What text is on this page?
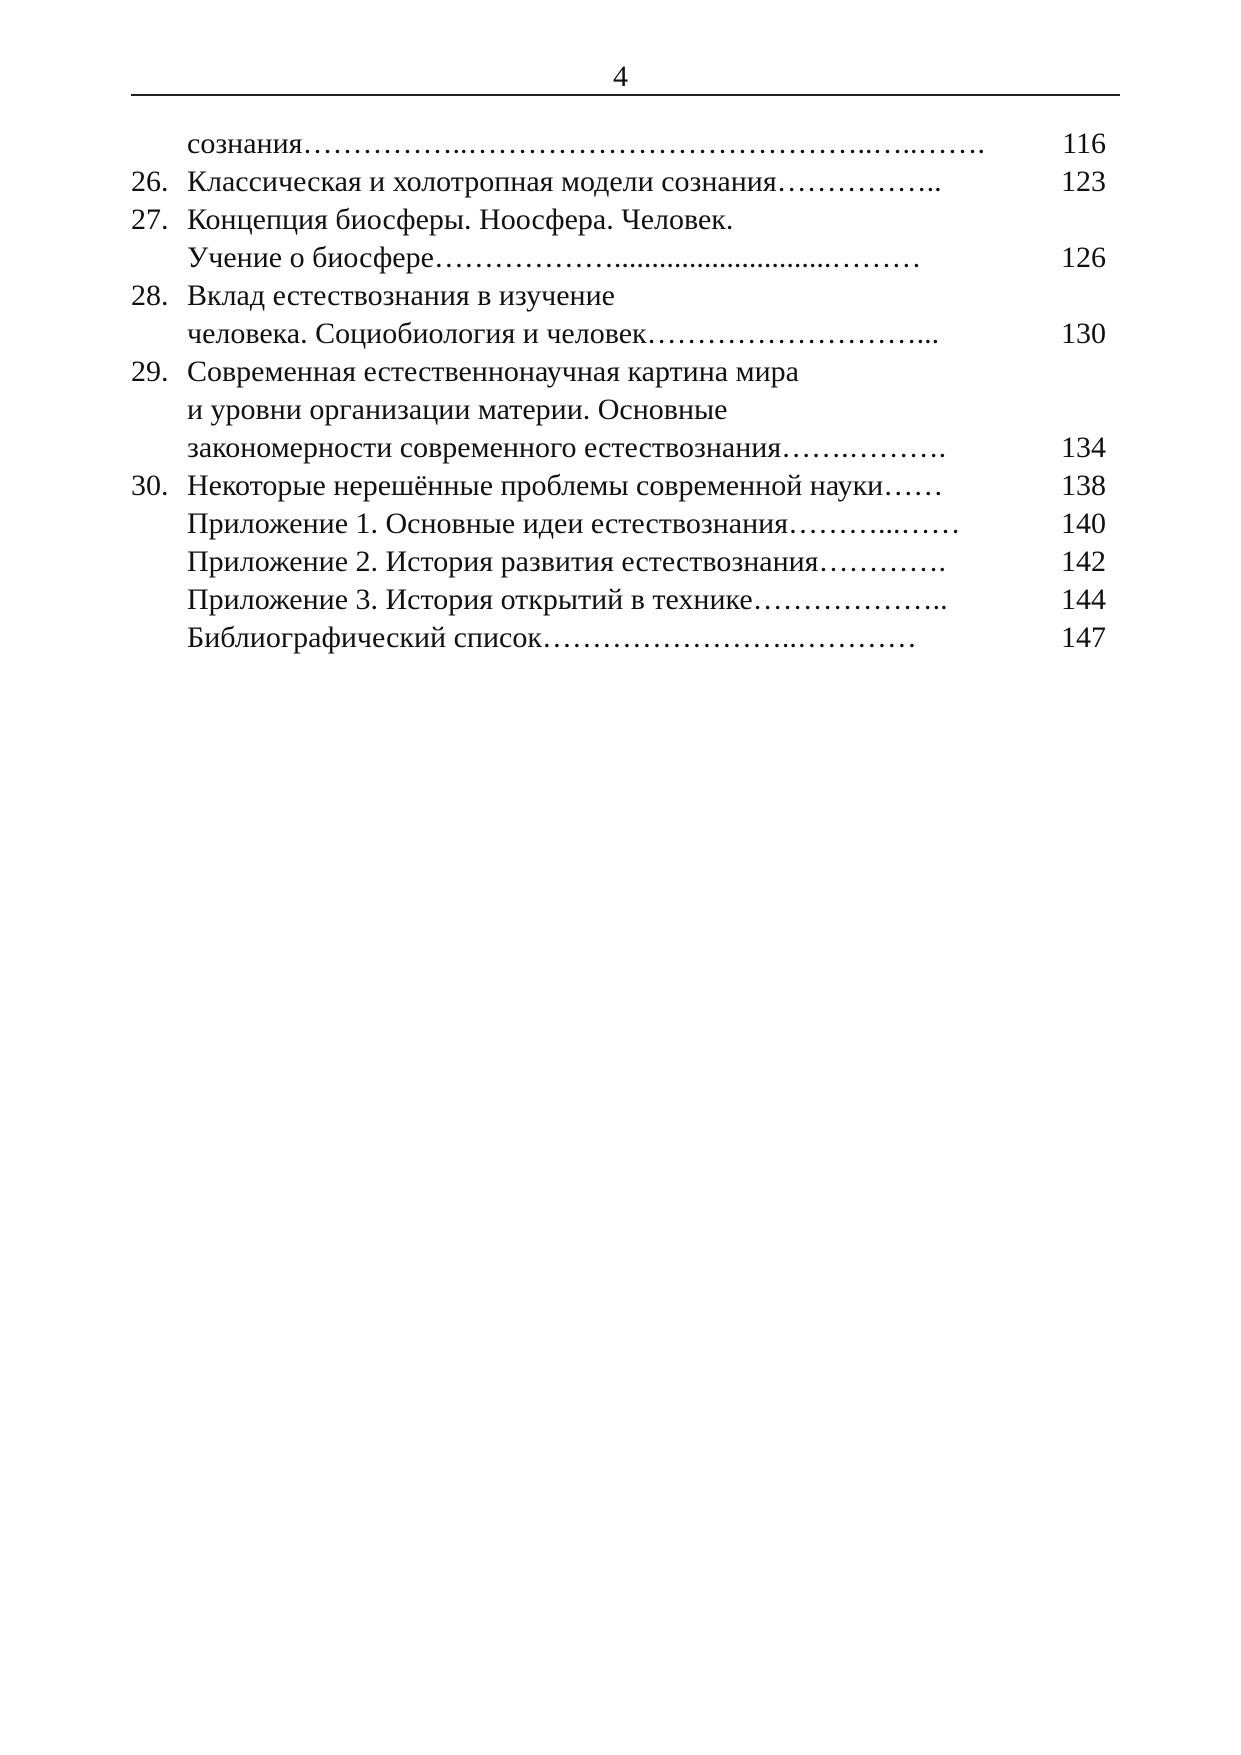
4
сознания……………..…………………………………..…..…….	116
26. Классическая и холотропная модели сознания……………..	123
27. Концепция биосферы. Ноосфера. Человек.
Учение о биосфере……………….............................………	126
28. Вклад естествознания в изучение
человека. Социобиология и человек………………………...	130
29. Современная естественнонаучная картина мира
и уровни организации материи. Основные
закономерности современного естествознания…….……….	134
30. Некоторые нерешённые проблемы современной науки……	138
Приложение 1. Основные идеи естествознания………...……	140
Приложение 2. История развития естествознания………….	142
Приложение 3. История открытий в технике………………..	144
Библиографический список……………………..…………	147
